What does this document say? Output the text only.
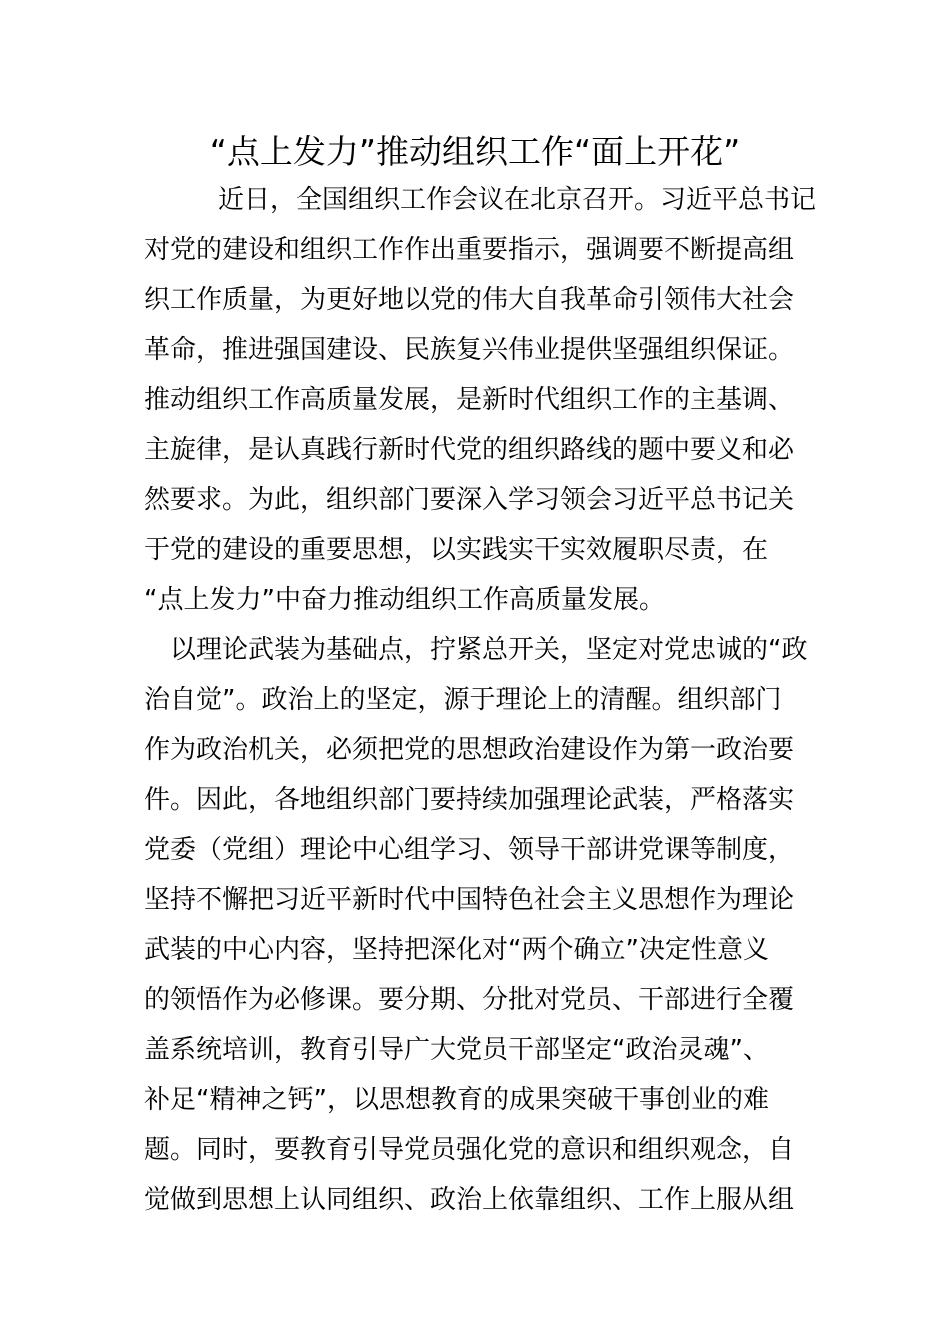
“点上发力”推动组织工作“面上开花”
近日，全国组织工作会议在北京召开。习近平总书记
对党的建设和组织工作作出重要指示，强调要不断提高组
织工作质量，为更好地以党的伟大自我革命引领伟大社会
革命，推进强国建设、民族复兴伟业提供坚强组织保证。
推动组织工作高质量发展，是新时代组织工作的主基调、
主旋律，是认真践行新时代党的组织路线的题中要义和必
然要求。为此，组织部门要深入学习领会习近平总书记关
于党的建设的重要思想，以实践实干实效履职尽责，在
“点上发力”中奋力推动组织工作高质量发展。
以理论武装为基础点，拧紧总开关，坚定对党忠诚的“政
治自觉”。政治上的坚定，源于理论上的清醒。组织部门
作为政治机关，必须把党的思想政治建设作为第一政治要
件。因此，各地组织部门要持续加强理论武装，严格落实
党委（党组）理论中心组学习、领导干部讲党课等制度，
坚持不懈把习近平新时代中国特色社会主义思想作为理论
武装的中心内容，坚持把深化对“两个确立”决定性意义
的领悟作为必修课。要分期、分批对党员、干部进行全覆
盖系统培训，教育引导广大党员干部坚定“政治灵魂”、
补足“精神之钙”，以思想教育的成果突破干事创业的难
题。同时，要教育引导党员强化党的意识和组织观念，自
觉做到思想上认同组织、政治上依靠组织、工作上服从组
